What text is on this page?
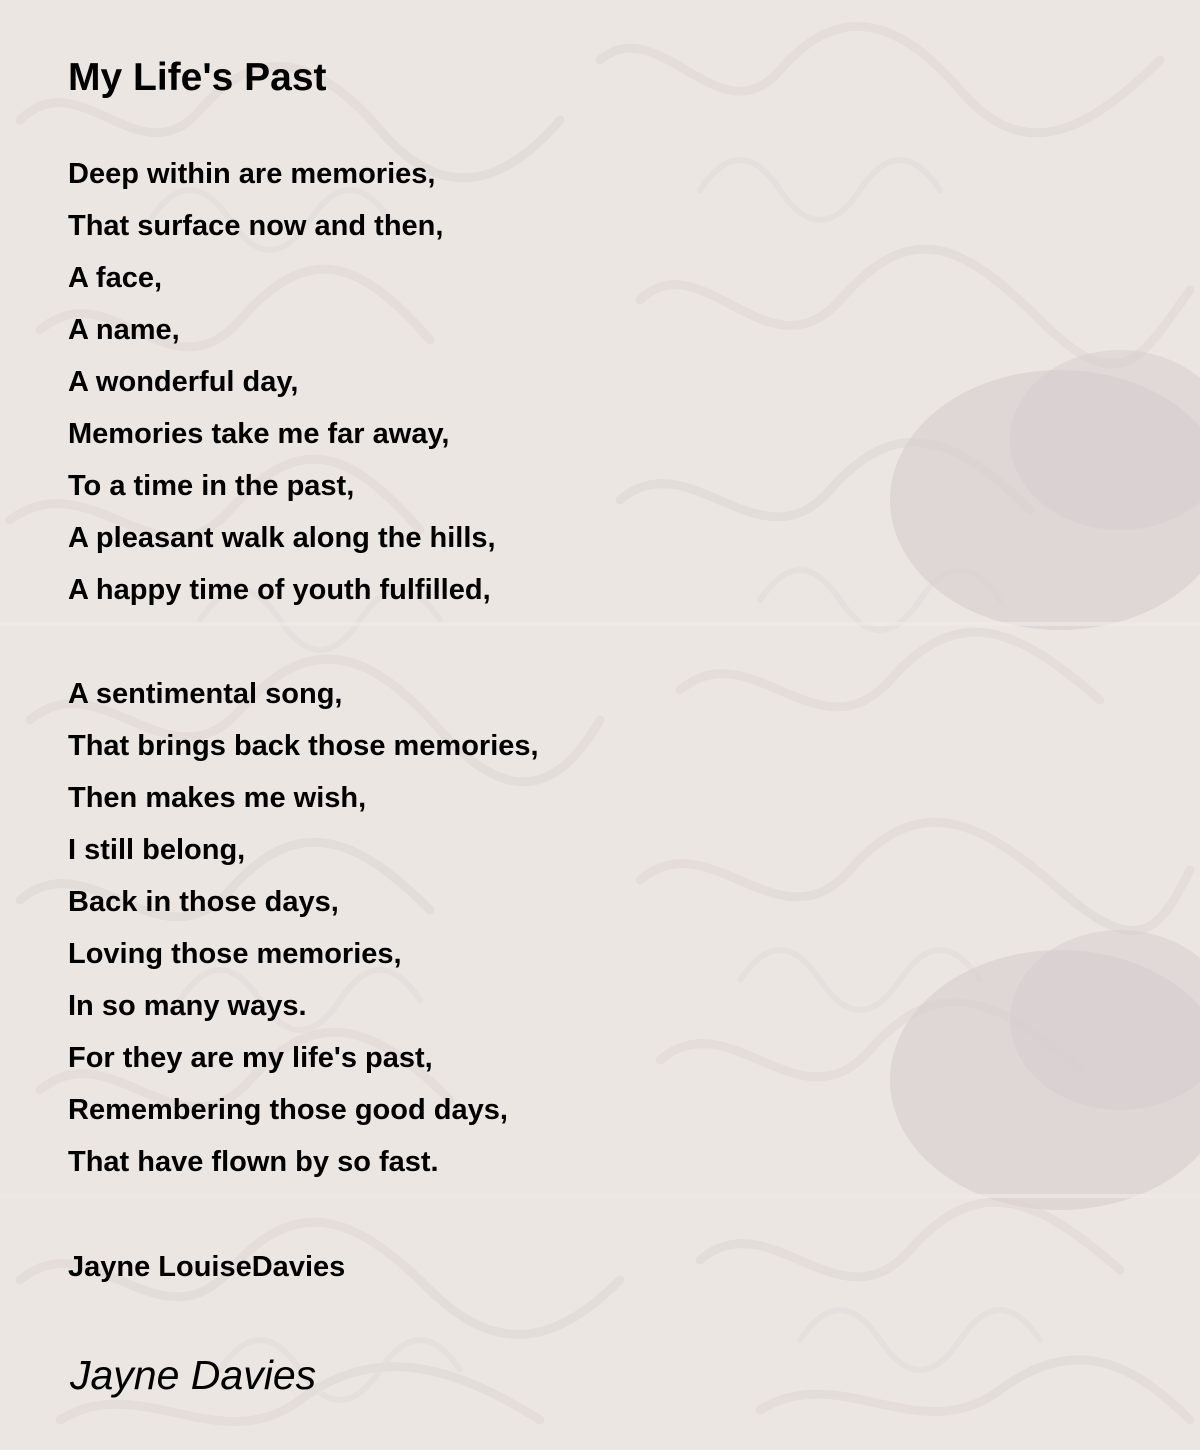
My Life's Past
Deep within are memories,
That surface now and then,
A face,
A name,
A wonderful day,
Memories take me far away,
To a time in the past,
A pleasant walk along the hills,
A happy time of youth fulfilled,
A sentimental song,
That brings back those memories,
Then makes me wish,
I still belong,
Back in those days,
Loving those memories,
In so many ways.
For they are my life's past,
Remembering those good days,
That have flown by so fast.
Jayne LouiseDavies
Jayne Davies
